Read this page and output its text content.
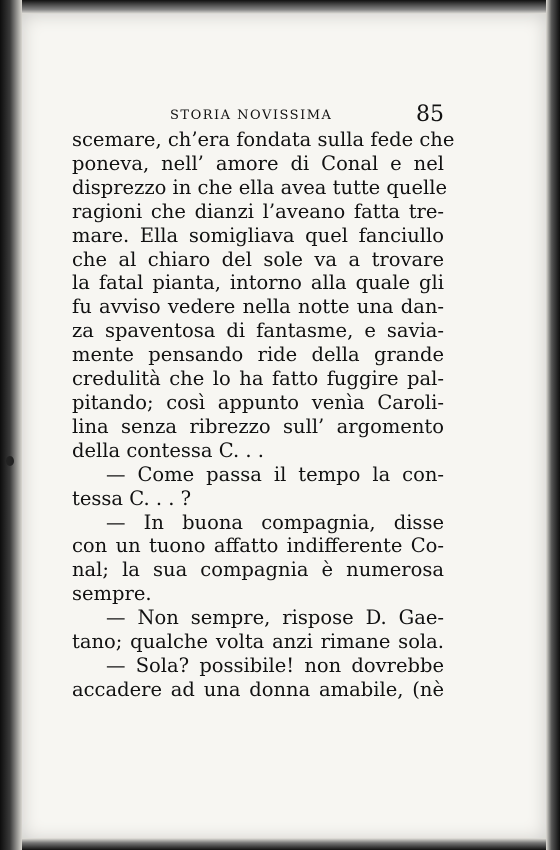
STORIA NOVISSIMA	85
scemare, ch’era fondata sulla fede che
poneva, nell’ amore di Conal e nel
disprezzo in che ella avea tutte quelle
ragioni che dianzi l’aveano fatta tre-
mare. Ella somigliava quel fanciullo
che al chiaro del sole va a trovare
la fatal pianta, intorno alla quale gli
fu avviso vedere nella notte una dan-
za spaventosa di fantasme, e savia-
mente pensando ride della grande
credulità che lo ha fatto fuggire pal-
pitando; così appunto venìa Caroli-
lina senza ribrezzo sull’ argomento
della contessa C. . .
— Come passa il tempo la con-
tessa C. . . ?
— In buona compagnia, disse
con un tuono affatto indifferente Co-
nal; la sua compagnia è numerosa
sempre.
— Non sempre, rispose D. Gae-
tano; qualche volta anzi rimane sola.
— Sola? possibile! non dovrebbe
accadere ad una donna amabile, (nè
